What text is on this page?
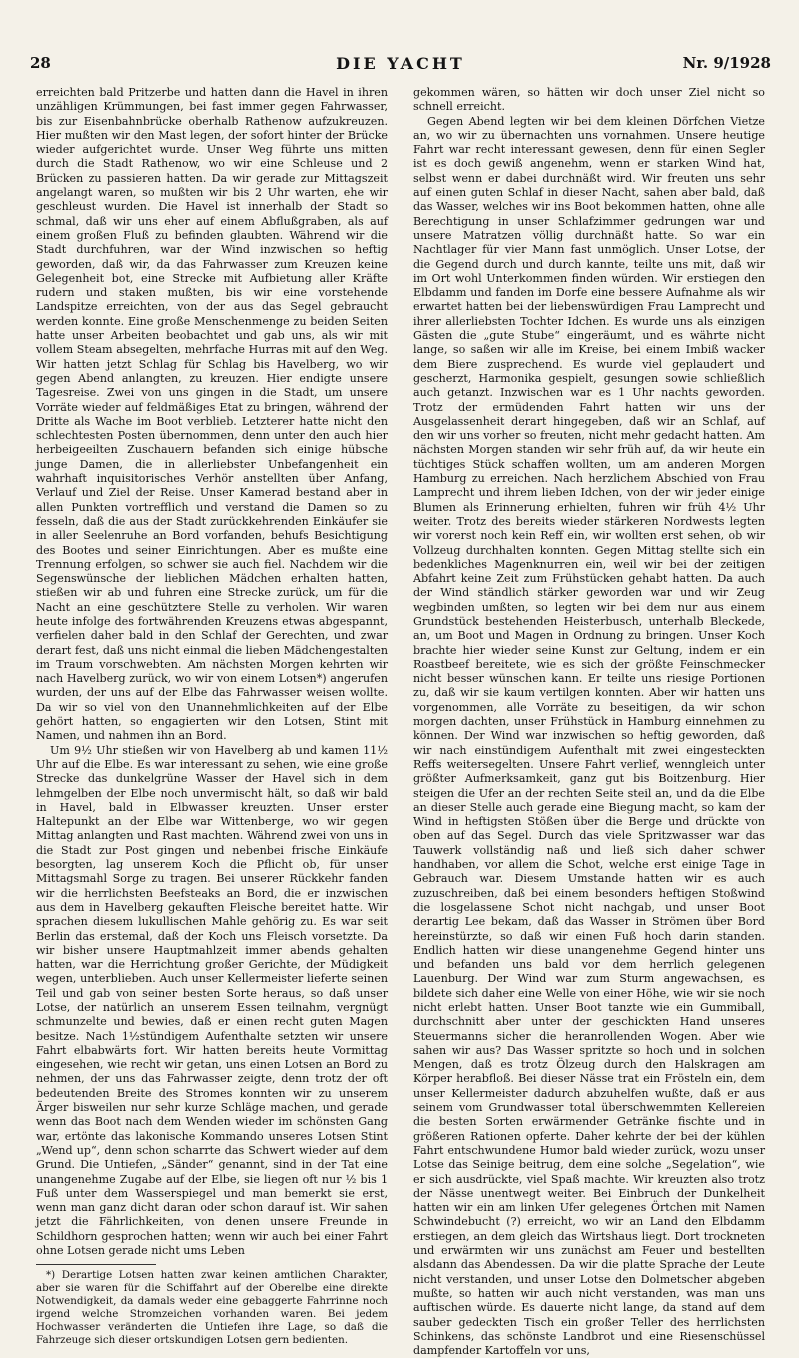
28	DIE YACHT	Nr. 9/1928

erreichten bald Pritzerbe und hatten dann die Havel in ihren unzähligen Krümmungen, bei fast immer gegen Fahrwasser, bis zur Eisenbahnbrücke oberhalb Rathenow aufzukreuzen. Hier mußten wir den Mast legen, der sofort hinter der Brücke wieder aufgerichtet wurde. Unser Weg führte uns mitten durch die Stadt Rathenow, wo wir eine Schleuse und 2 Brücken zu passieren hatten. Da wir gerade zur Mittagszeit angelangt waren, so mußten wir bis 2 Uhr warten, ehe wir geschleust wurden. Die Havel ist innerhalb der Stadt so schmal, daß wir uns eher auf einem Abflußgraben, als auf einem großen Fluß zu befinden glaubten. Während wir die Stadt durchfuhren, war der Wind inzwischen so heftig geworden, daß wir, da das Fahrwasser zum Kreuzen keine Gelegenheit bot, eine Strecke mit Aufbietung aller Kräfte rudern und staken mußten, bis wir eine vorstehende Landspitze erreichten, von der aus das Segel gebraucht werden konnte. Eine große Menschenmenge zu beiden Seiten hatte unser Arbeiten beobachtet und gab uns, als wir mit vollem Steam absegelten, mehrfache Hurras mit auf den Weg. Wir hatten jetzt Schlag für Schlag bis Havelberg, wo wir gegen Abend anlangten, zu kreuzen. Hier endigte unsere Tagesreise. Zwei von uns gingen in die Stadt, um unsere Vorräte wieder auf feldmäßiges Etat zu bringen, während der Dritte als Wache im Boot verblieb. Letzterer hatte nicht den schlechtesten Posten übernommen, denn unter den auch hier herbeigeeilten Zuschauern befanden sich einige hübsche junge Damen, die in allerliebster Unbefangenheit ein wahrhaft inquisitorisches Verhör anstellten über Anfang, Verlauf und Ziel der Reise. Unser Kamerad bestand aber in allen Punkten vortrefflich und verstand die Damen so zu fesseln, daß die aus der Stadt zurückkehrenden Einkäufer sie in aller Seelenruhe an Bord vorfanden, behufs Besichtigung des Bootes und seiner Einrichtungen. Aber es mußte eine Trennung erfolgen, so schwer sie auch fiel. Nachdem wir die Segenswünsche der lieblichen Mädchen erhalten hatten, stießen wir ab und fuhren eine Strecke zurück, um für die Nacht an eine geschütztere Stelle zu verholen. Wir waren heute infolge des fortwährenden Kreuzens etwas abgespannt, verfielen daher bald in den Schlaf der Gerechten, und zwar derart fest, daß uns nicht einmal die lieben Mädchengestalten im Traum vorschwebten. Am nächsten Morgen kehrten wir nach Havelberg zurück, wo wir von einem Lotsen*) angerufen wurden, der uns auf der Elbe das Fahrwasser weisen wollte. Da wir so viel von den Unannehmlichkeiten auf der Elbe gehört hatten, so engagierten wir den Lotsen, Stint mit Namen, und nahmen ihn an Bord.

Um 9½ Uhr stießen wir von Havelberg ab und kamen 11½ Uhr auf die Elbe. Es war interessant zu sehen, wie eine große Strecke das dunkelgrüne Wasser der Havel sich in dem lehmgelben der Elbe noch unvermischt hält, so daß wir bald in Havel, bald in Elbwasser kreuzten. Unser erster Haltepunkt an der Elbe war Wittenberge, wo wir gegen Mittag anlangten und Rast machten. Während zwei von uns in die Stadt zur Post gingen und nebenbei frische Einkäufe besorgten, lag unserem Koch die Pflicht ob, für unser Mittagsmahl Sorge zu tragen. Bei unserer Rückkehr fanden wir die herrlichsten Beefsteaks an Bord, die er inzwischen aus dem in Havelberg gekauften Fleische bereitet hatte. Wir sprachen diesem lukullischen Mahle gehörig zu. Es war seit Berlin das erstemal, daß der Koch uns Fleisch vorsetzte. Da wir bisher unsere Hauptmahlzeit immer abends gehalten hatten, war die Herrichtung großer Gerichte, der Müdigkeit wegen, unterblieben. Auch unser Kellermeister lieferte seinen Teil und gab von seiner besten Sorte heraus, so daß unser Lotse, der natürlich an unserem Essen teilnahm, vergnügt schmunzelte und bewies, daß er einen recht guten Magen besitze. Nach 1½stündigem Aufenthalte setzten wir unsere Fahrt elbabwärts fort. Wir hatten bereits heute Vormittag eingesehen, wie recht wir getan, uns einen Lotsen an Bord zu nehmen, der uns das Fahrwasser zeigte, denn trotz der oft bedeutenden Breite des Stromes konnten wir zu unserem Ärger bisweilen nur sehr kurze Schläge machen, und gerade wenn das Boot nach dem Wenden wieder im schönsten Gang war, ertönte das lakonische Kommando unseres Lotsen Stint „Wend up“, denn schon scharrte das Schwert wieder auf dem Grund. Die Untiefen, „Sänder“ genannt, sind in der Tat eine unangenehme Zugabe auf der Elbe, sie liegen oft nur ½ bis 1 Fuß unter dem Wasserspiegel und man bemerkt sie erst, wenn man ganz dicht daran oder schon darauf ist. Wir sahen jetzt die Fährlichkeiten, von denen unsere Freunde in Schildhorn gesprochen hatten; wenn wir auch bei einer Fahrt ohne Lotsen gerade nicht ums Leben

*) Derartige Lotsen hatten zwar keinen amtlichen Charakter, aber sie waren für die Schiffahrt auf der Oberelbe eine direkte Notwendigkeit, da damals weder eine gebaggerte Fahrrinne noch irgend welche Stromzeichen vorhanden waren. Bei jedem Hochwasser veränderten die Untiefen ihre Lage, so daß die Fahrzeuge sich dieser ortskundigen Lotsen gern bedienten.

gekommen wären, so hätten wir doch unser Ziel nicht so schnell erreicht.

Gegen Abend legten wir bei dem kleinen Dörfchen Vietze an, wo wir zu übernachten uns vornahmen. Unsere heutige Fahrt war recht interessant gewesen, denn für einen Segler ist es doch gewiß angenehm, wenn er starken Wind hat, selbst wenn er dabei durchnäßt wird. Wir freuten uns sehr auf einen guten Schlaf in dieser Nacht, sahen aber bald, daß das Wasser, welches wir ins Boot bekommen hatten, ohne alle Berechtigung in unser Schlafzimmer gedrungen war und unsere Matratzen völlig durchnäßt hatte. So war ein Nachtlager für vier Mann fast unmöglich. Unser Lotse, der die Gegend durch und durch kannte, teilte uns mit, daß wir im Ort wohl Unterkommen finden würden. Wir erstiegen den Elbdamm und fanden im Dorfe eine bessere Aufnahme als wir erwartet hatten bei der liebenswürdigen Frau Lamprecht und ihrer allerliebsten Tochter Idchen. Es wurde uns als einzigen Gästen die „gute Stube“ eingeräumt, und es währte nicht lange, so saßen wir alle im Kreise, bei einem Imbiß wacker dem Biere zusprechend. Es wurde viel geplaudert und gescherzt, Harmonika gespielt, gesungen sowie schließlich auch getanzt. Inzwischen war es 1 Uhr nachts geworden. Trotz der ermüdenden Fahrt hatten wir uns der Ausgelassenheit derart hingegeben, daß wir an Schlaf, auf den wir uns vorher so freuten, nicht mehr gedacht hatten. Am nächsten Morgen standen wir sehr früh auf, da wir heute ein tüchtiges Stück schaffen wollten, um am anderen Morgen Hamburg zu erreichen. Nach herzlichem Abschied von Frau Lamprecht und ihrem lieben Idchen, von der wir jeder einige Blumen als Erinnerung erhielten, fuhren wir früh 4½ Uhr weiter. Trotz des bereits wieder stärkeren Nordwests legten wir vorerst noch kein Reff ein, wir wollten erst sehen, ob wir Vollzeug durchhalten konnten. Gegen Mittag stellte sich ein bedenkliches Magenknurren ein, weil wir bei der zeitigen Abfahrt keine Zeit zum Frühstücken gehabt hatten. Da auch der Wind ständlich stärker geworden war und wir Zeug wegbinden umßten, so legten wir bei dem nur aus einem Grundstück bestehenden Heisterbusch, unterhalb Bleckede, an, um Boot und Magen in Ordnung zu bringen. Unser Koch brachte hier wieder seine Kunst zur Geltung, indem er ein Roastbeef bereitete, wie es sich der größte Feinschmecker nicht besser wünschen kann. Er teilte uns riesige Portionen zu, daß wir sie kaum vertilgen konnten. Aber wir hatten uns vorgenommen, alle Vorräte zu beseitigen, da wir schon morgen dachten, unser Frühstück in Hamburg einnehmen zu können. Der Wind war inzwischen so heftig geworden, daß wir nach einstündigem Aufenthalt mit zwei eingesteckten Reffs weitersegelten. Unsere Fahrt verlief, wenngleich unter größter Aufmerksamkeit, ganz gut bis Boitzenburg. Hier steigen die Ufer an der rechten Seite steil an, und da die Elbe an dieser Stelle auch gerade eine Biegung macht, so kam der Wind in heftigsten Stößen über die Berge und drückte von oben auf das Segel. Durch das viele Spritzwasser war das Tauwerk vollständig naß und ließ sich daher schwer handhaben, vor allem die Schot, welche erst einige Tage in Gebrauch war. Diesem Umstande hatten wir es auch zuzuschreiben, daß bei einem besonders heftigen Stoßwind die losgelassene Schot nicht nachgab, und unser Boot derartig Lee bekam, daß das Wasser in Strömen über Bord hereinstürzte, so daß wir einen Fuß hoch darin standen. Endlich hatten wir diese unangenehme Gegend hinter uns und befanden uns bald vor dem herrlich gelegenen Lauenburg. Der Wind war zum Sturm angewachsen, es bildete sich daher eine Welle von einer Höhe, wie wir sie noch nicht erlebt hatten. Unser Boot tanzte wie ein Gummiball, durchschnitt aber unter der geschickten Hand unseres Steuermanns sicher die heranrollenden Wogen. Aber wie sahen wir aus? Das Wasser spritzte so hoch und in solchen Mengen, daß es trotz Ölzeug durch den Halskragen am Körper herabfloß. Bei dieser Nässe trat ein Frösteln ein, dem unser Kellermeister dadurch abzuhelfen wußte, daß er aus seinem vom Grundwasser total überschwemmten Kellereien die besten Sorten erwärmender Getränke fischte und in größeren Rationen opferte. Daher kehrte der bei der kühlen Fahrt entschwundene Humor bald wieder zurück, wozu unser Lotse das Seinige beitrug, dem eine solche „Segelation“, wie er sich ausdrückte, viel Spaß machte. Wir kreuzten also trotz der Nässe unentwegt weiter. Bei Einbruch der Dunkelheit hatten wir ein am linken Ufer gelegenes Örtchen mit Namen Schwindebucht (?) erreicht, wo wir an Land den Elbdamm erstiegen, an dem gleich das Wirtshaus liegt. Dort trockneten und erwärmten wir uns zunächst am Feuer und bestellten alsdann das Abendessen. Da wir die platte Sprache der Leute nicht verstanden, und unser Lotse den Dolmetscher abgeben mußte, so hatten wir auch nicht verstanden, was man uns auftischen würde. Es dauerte nicht lange, da stand auf dem sauber gedeckten Tisch ein großer Teller des herrlichsten Schinkens, das schönste Landbrot und eine Riesenschüssel dampfender Kartoffeln vor uns,
